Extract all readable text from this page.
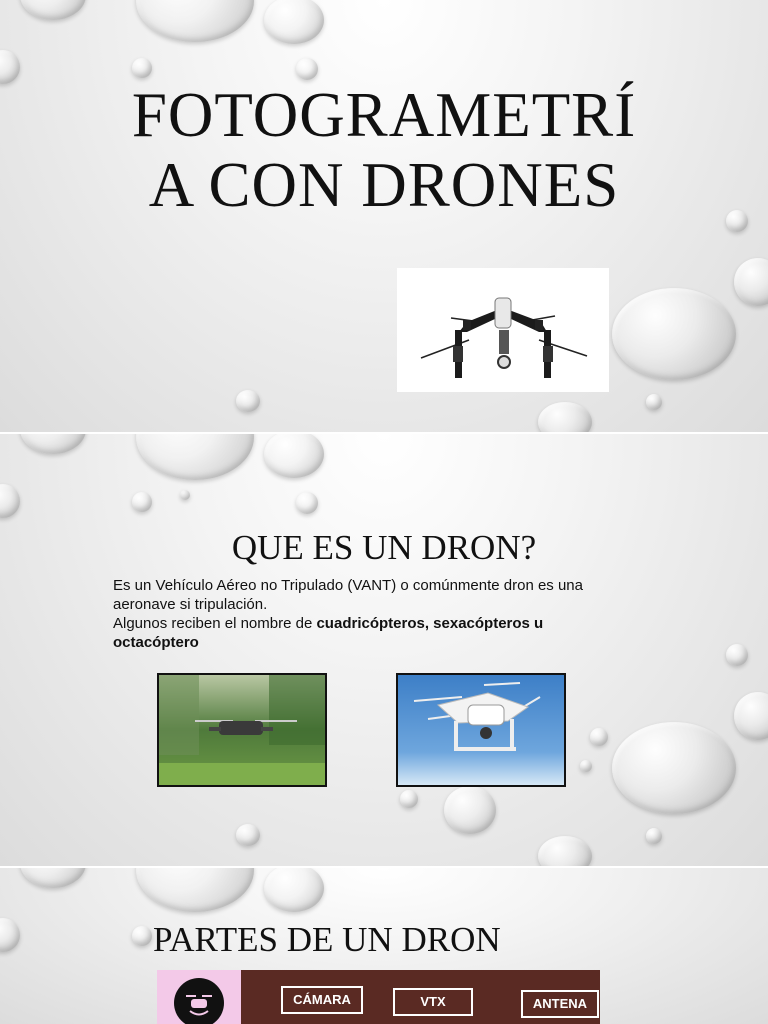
FOTOGRAMETRÍ
A CON DRONES
QUE ES UN DRON?
Es un Vehículo Aéreo no Tripulado (VANT) o comúnmente dron es una aeronave si tripulación.
Algunos reciben el nombre de cuadricópteros, sexacópteros u octacóptero
PARTES DE UN DRON
CÁMARA	VTX	ANTENA
